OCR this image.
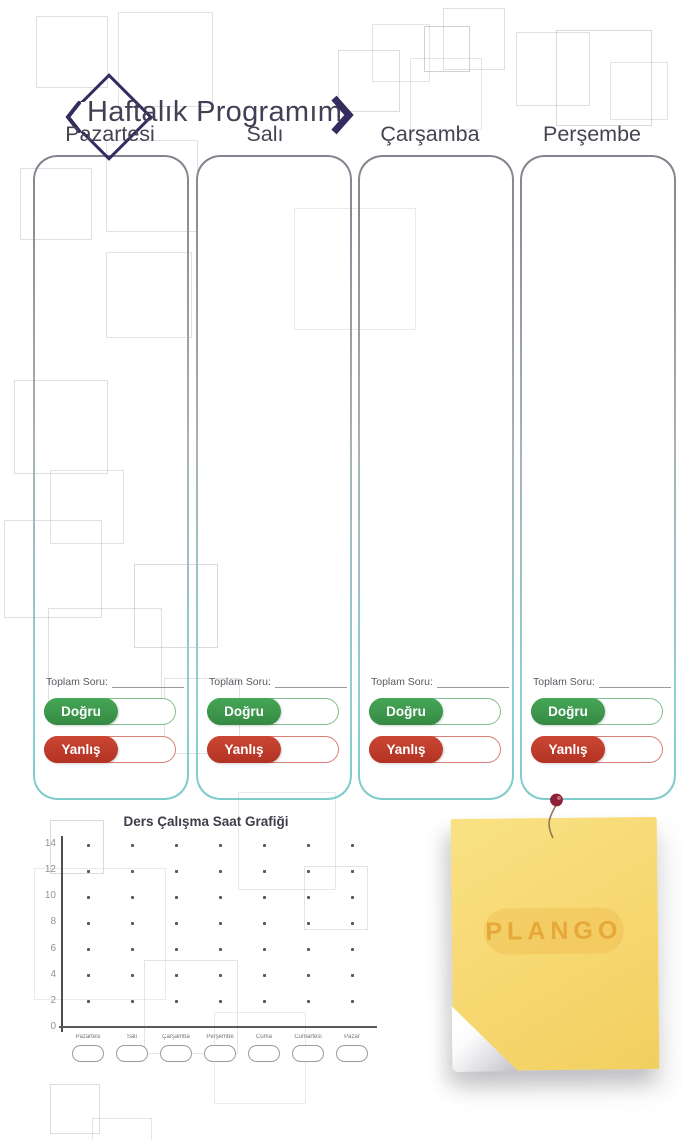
Haftalık Programım
Pazartesi	Salı	Çarşamba	Perşembe
Toplam Soru:
Doğru
Yanlış
Toplam Soru:
Doğru
Yanlış
Toplam Soru:
Doğru
Yanlış
Toplam Soru:
Doğru
Yanlış
Ders Çalışma Saat Grafiği
14
12
10
8
6
4
2
0
Pazartesi	Salı	Çarşamba	Perşembe	Cuma	Cumartesi	Pazar
PLANGO
